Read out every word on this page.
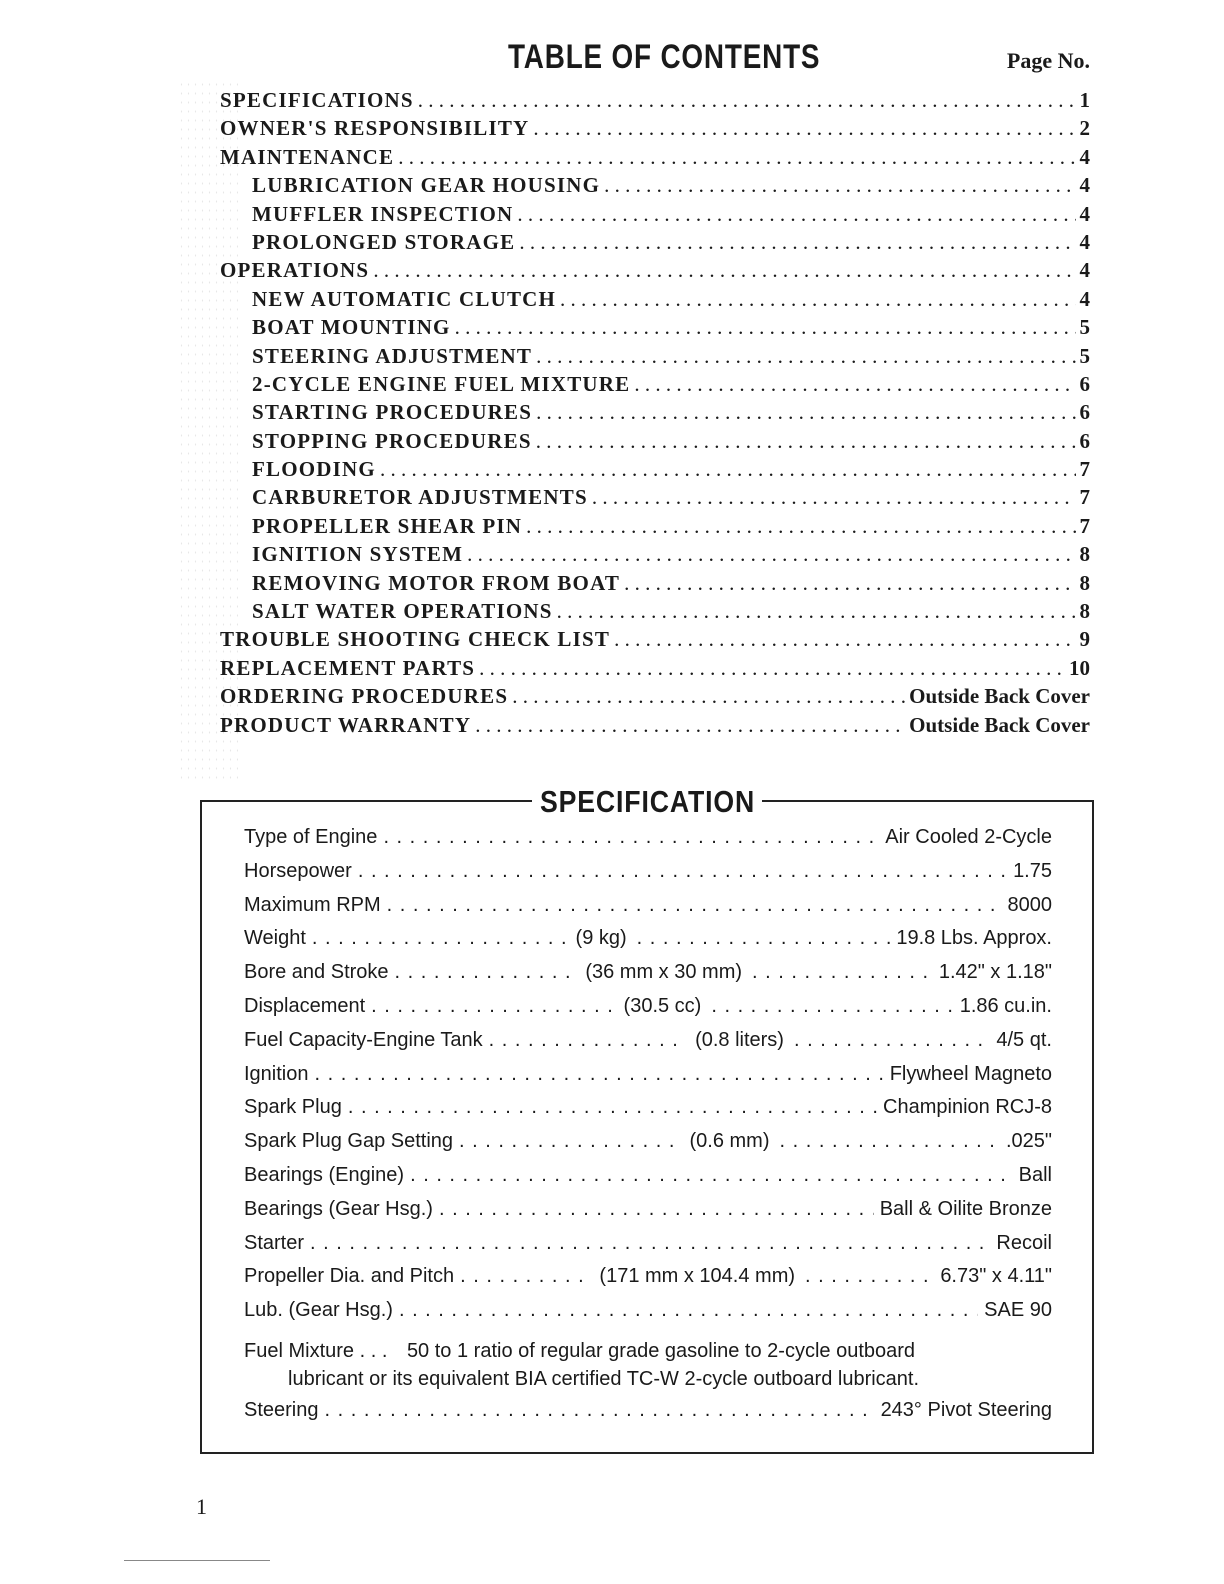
TABLE OF CONTENTS	Page No.
SPECIFICATIONS . . .	1
OWNER'S RESPONSIBILITY . . .	2
MAINTENANCE . . .	4
LUBRICATION GEAR HOUSING . . .	4
MUFFLER INSPECTION . . .	4
PROLONGED STORAGE . . .	4
OPERATIONS . . .	4
NEW AUTOMATIC CLUTCH . . .	4
BOAT MOUNTING . . .	5
STEERING ADJUSTMENT . . .	5
2-CYCLE ENGINE FUEL MIXTURE . . .	6
STARTING PROCEDURES . . .	6
STOPPING PROCEDURES . . .	6
FLOODING . . .	7
CARBURETOR ADJUSTMENTS . . .	7
PROPELLER SHEAR PIN . . .	7
IGNITION SYSTEM . . .	8
REMOVING MOTOR FROM BOAT . . .	8
SALT WATER OPERATIONS . . .	8
TROUBLE SHOOTING CHECK LIST . . .	9
REPLACEMENT PARTS . . .	10
ORDERING PROCEDURES . . .	Outside Back Cover
PRODUCT WARRANTY . . .	Outside Back Cover
SPECIFICATION
Type of Engine . . .	Air Cooled 2-Cycle
Horsepower . . .	1.75
Maximum RPM . . .	8000
Weight . . .	(9 kg) . . .	19.8 Lbs. Approx.
Bore and Stroke . . .	(36 mm x 30 mm) . . .	1.42" x 1.18"
Displacement . . .	(30.5 cc) . . .	1.86 cu.in.
Fuel Capacity-Engine Tank . . .	(0.8 liters) . . .	4/5 qt.
Ignition . . .	Flywheel Magneto
Spark Plug . . .	Champinion RCJ-8
Spark Plug Gap Setting . . .	(0.6 mm) . . .	.025"
Bearings (Engine) . . .	Ball
Bearings (Gear Hsg.) . . .	Ball & Oilite Bronze
Starter . . .	Recoil
Propeller Dia. and Pitch . . .	(171 mm x 104.4 mm) . . .	6.73" x 4.11"
Lub. (Gear Hsg.) . . .	SAE 90
Fuel Mixture . . . 50 to 1 ratio of regular grade gasoline to 2-cycle outboard
lubricant or its equivalent BIA certified TC-W 2-cycle outboard lubricant.
Steering . . .	243° Pivot Steering
1
